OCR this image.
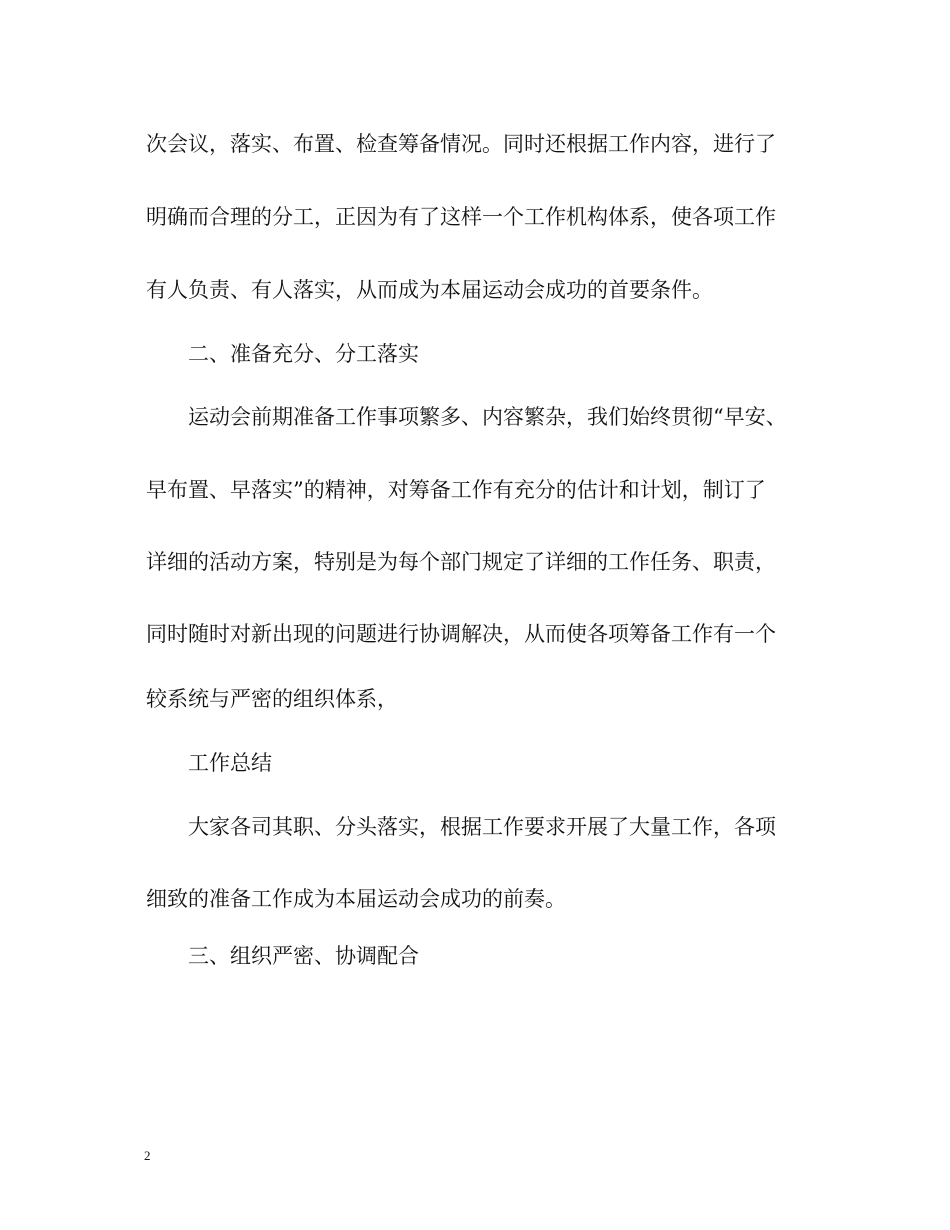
次会议，落实、布置、检查筹备情况。同时还根据工作内容，进行了
明确而合理的分工，正因为有了这样一个工作机构体系，使各项工作
有人负责、有人落实，从而成为本届运动会成功的首要条件。
二、准备充分、分工落实
运动会前期准备工作事项繁多、内容繁杂，我们始终贯彻“早安、
早布置、早落实”的精神，对筹备工作有充分的估计和计划，制订了
详细的活动方案，特别是为每个部门规定了详细的工作任务、职责，
同时随时对新出现的问题进行协调解决，从而使各项筹备工作有一个
较系统与严密的组织体系，
工作总结
大家各司其职、分头落实，根据工作要求开展了大量工作，各项
细致的准备工作成为本届运动会成功的前奏。
三、组织严密、协调配合
2
